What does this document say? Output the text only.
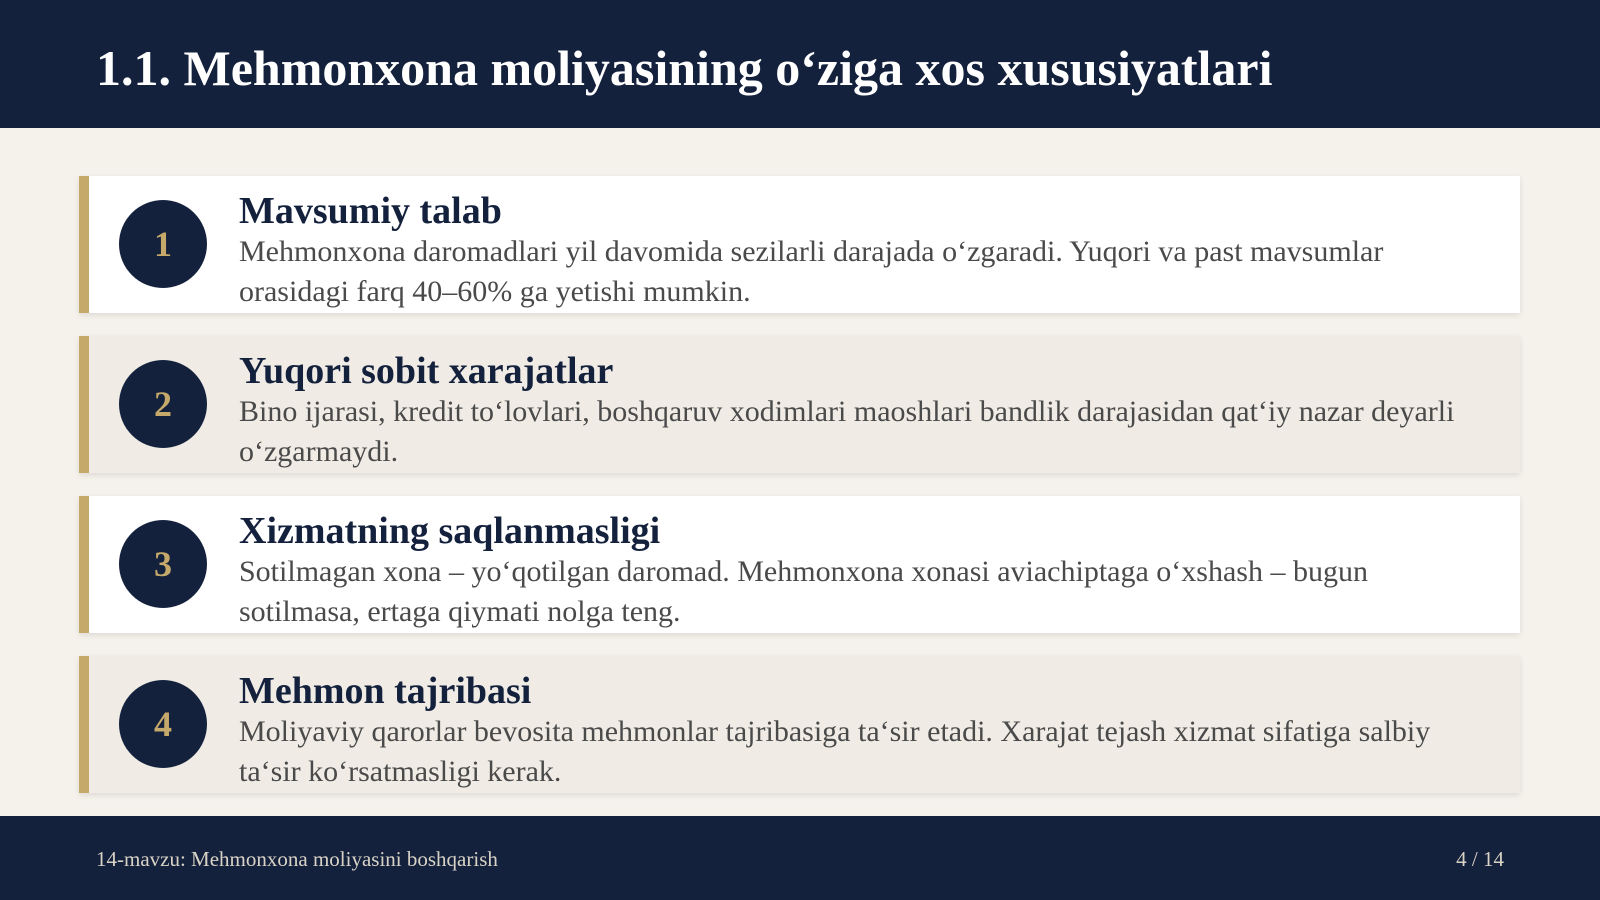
1.1. Mehmonxona moliyasining o‘ziga xos xususiyatlari
1
Mavsumiy talab

Mehmonxona daromadlari yil davomida sezilarli darajada o‘zgaradi. Yuqori va past mavsumlar orasidagi farq 40–60% ga yetishi mumkin.

2
Yuqori sobit xarajatlar

Bino ijarasi, kredit to‘lovlari, boshqaruv xodimlari maoshlari bandlik darajasidan qat‘iy nazar deyarli o‘zgarmaydi.

3
Xizmatning saqlanmasligi

Sotilmagan xona – yo‘qotilgan daromad. Mehmonxona xonasi aviachiptaga o‘xshash – bugun sotilmasa, ertaga qiymati nolga teng.

4
Mehmon tajribasi

Moliyaviy qarorlar bevosita mehmonlar tajribasiga ta‘sir etadi. Xarajat tejash xizmat sifatiga salbiy ta‘sir ko‘rsatmasligi kerak.

14-mavzu: Mehmonxona moliyasini boshqarish	4 / 14
